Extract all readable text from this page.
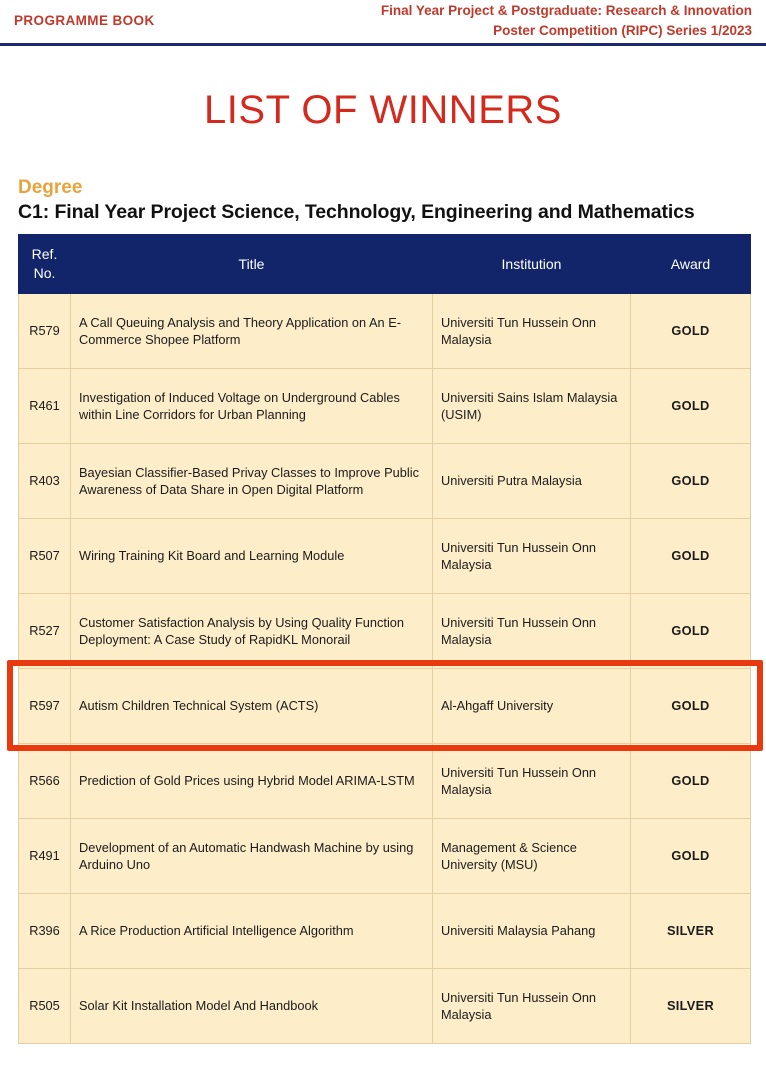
PROGRAMME BOOK
Final Year Project & Postgraduate: Research & Innovation
Poster Competition (RIPC) Series 1/2023
LIST OF WINNERS
Degree
C1: Final Year Project Science, Technology, Engineering and Mathematics
Ref.
No.	Title	Institution	Award
R579	A Call Queuing Analysis and Theory Application on An E-Commerce Shopee Platform	Universiti Tun Hussein Onn Malaysia	GOLD
R461	Investigation of Induced Voltage on Underground Cables within Line Corridors for Urban Planning	Universiti Sains Islam Malaysia (USIM)	GOLD
R403	Bayesian Classifier-Based Privay Classes to Improve Public Awareness of Data Share in Open Digital Platform	Universiti Putra Malaysia	GOLD
R507	Wiring Training Kit Board and Learning Module	Universiti Tun Hussein Onn Malaysia	GOLD
R527	Customer Satisfaction Analysis by Using Quality Function Deployment: A Case Study of RapidKL Monorail	Universiti Tun Hussein Onn Malaysia	GOLD
R597	Autism Children Technical System (ACTS)	Al-Ahgaff University	GOLD
R566	Prediction of Gold Prices using Hybrid Model ARIMA-LSTM	Universiti Tun Hussein Onn Malaysia	GOLD
R491	Development of an Automatic Handwash Machine by using Arduino Uno	Management & Science University (MSU)	GOLD
R396	A Rice Production Artificial Intelligence Algorithm	Universiti Malaysia Pahang	SILVER
R505	Solar Kit Installation Model And Handbook	Universiti Tun Hussein Onn Malaysia	SILVER
